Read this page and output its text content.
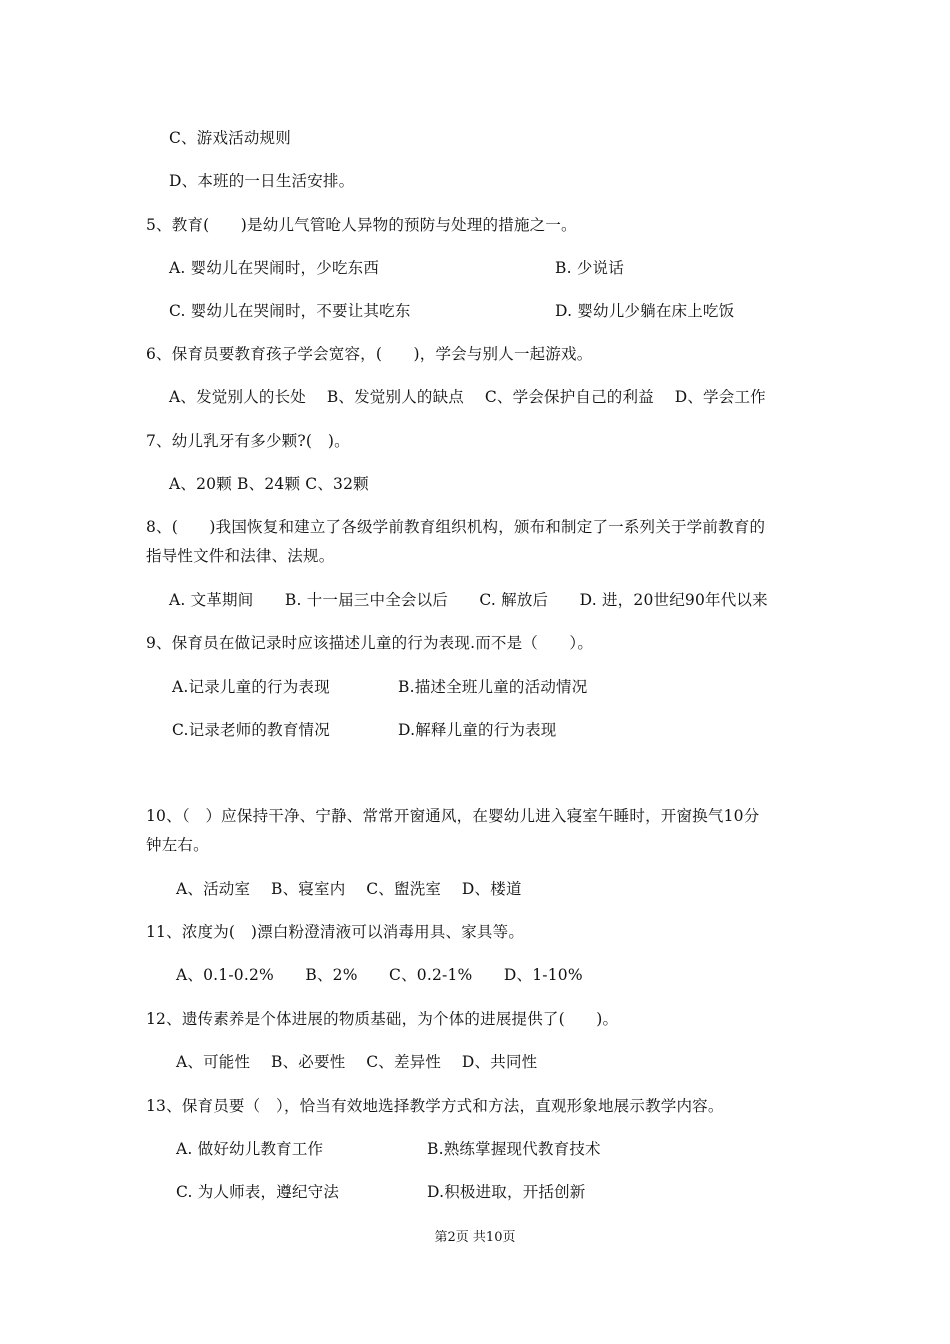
C、游戏活动规则
D、本班的一日生活安排。
5、教育(　　)是幼儿气管呛人异物的预防与处理的措施之一。
A. 婴幼儿在哭闹时，少吃东西	B. 少说话
C. 婴幼儿在哭闹时，不要让其吃东	D. 婴幼儿少躺在床上吃饭
6、保育员要教育孩子学会宽容，(　　)，学会与别人一起游戏。
A、发觉别人的长处　 B、发觉别人的缺点　 C、学会保护自己的利益　 D、学会工作
7、幼儿乳牙有多少颗?(　)。
A、20颗 B、24颗 C、32颗
8、(　　)我国恢复和建立了各级学前教育组织机构，颁布和制定了一系列关于学前教育的
指导性文件和法律、法规。
A. 文革期间　　B. 十一届三中全会以后　　C. 解放后　　D. 进，20世纪90年代以来
9、保育员在做记录时应该描述儿童的行为表现.而不是（　　）。
A.记录儿童的行为表现	B.描述全班儿童的活动情况
C.记录老师的教育情况	D.解释儿童的行为表现
10、（　）应保持干净、宁静、常常开窗通风，在婴幼儿进入寝室午睡时，开窗换气10分
钟左右。
A、活动室　 B、寝室内　 C、盥洗室　 D、楼道
11、浓度为(　)漂白粉澄清液可以消毒用具、家具等。
A、0.1-0.2%　　B、2%　　C、0.2-1%　　D、1-10%
12、遗传素养是个体进展的物质基础，为个体的进展提供了(　　)。
A、可能性　 B、必要性　 C、差异性　 D、共同性
13、保育员要（　），恰当有效地选择教学方式和方法，直观形象地展示教学内容。
A. 做好幼儿教育工作	B.熟练掌握现代教育技术
C. 为人师表，遵纪守法	D.积极进取，开括创新
第2页 共10页
